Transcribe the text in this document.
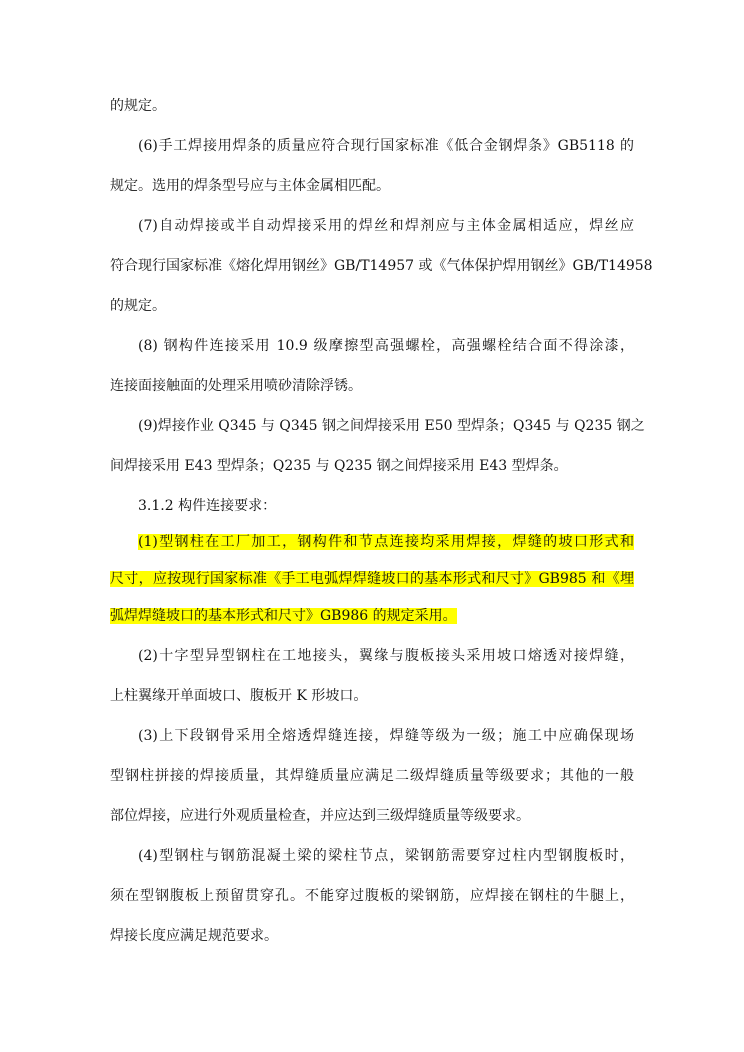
的规定。
(6)手工焊接用焊条的质量应符合现行国家标准《低合金钢焊条》GB5118 的
规定。选用的焊条型号应与主体金属相匹配。
(7)自动焊接或半自动焊接采用的焊丝和焊剂应与主体金属相适应，焊丝应
符合现行国家标准《熔化焊用钢丝》GB/T14957 或《气体保护焊用钢丝》GB/T14958
的规定。
(8) 钢构件连接采用 10.9 级摩擦型高强螺栓，高强螺栓结合面不得涂漆，
连接面接触面的处理采用喷砂清除浮锈。
(9)焊接作业 Q345 与 Q345 钢之间焊接采用 E50 型焊条；Q345 与 Q235 钢之
间焊接采用 E43 型焊条；Q235 与 Q235 钢之间焊接采用 E43 型焊条。
3.1.2 构件连接要求：
(1)型钢柱在工厂加工，钢构件和节点连接均采用焊接，焊缝的坡口形式和
尺寸，应按现行国家标准《手工电弧焊焊缝坡口的基本形式和尺寸》GB985 和《埋
弧焊焊缝坡口的基本形式和尺寸》GB986 的规定采用。
(2)十字型异型钢柱在工地接头，翼缘与腹板接头采用坡口熔透对接焊缝，
上柱翼缘开单面坡口、腹板开 K 形坡口。
(3)上下段钢骨采用全熔透焊缝连接，焊缝等级为一级；施工中应确保现场
型钢柱拼接的焊接质量，其焊缝质量应满足二级焊缝质量等级要求；其他的一般
部位焊接，应进行外观质量检查，并应达到三级焊缝质量等级要求。
(4)型钢柱与钢筋混凝土梁的梁柱节点，梁钢筋需要穿过柱内型钢腹板时，
须在型钢腹板上预留贯穿孔。不能穿过腹板的梁钢筋，应焊接在钢柱的牛腿上，
焊接长度应满足规范要求。
